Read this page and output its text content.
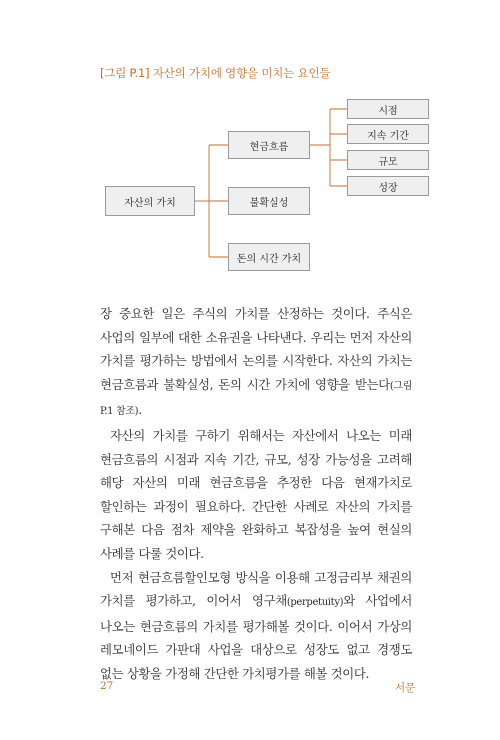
[그림 P.1] 자산의 가치에 영향을 미치는 요인들
자산의 가치
현금흐름
불확실성
돈의 시간 가치
시점
지속 기간
규모
성장

장 중요한 일은 주식의 가치를 산정하는 것이다. 주식은 사업의 일부에 대한 소유권을 나타낸다. 우리는 먼저 자산의 가치를 평가하는 방법에서 논의를 시작한다. 자산의 가치는 현금흐름과 불확실성, 돈의 시간 가치에 영향을 받는다(그림 P.1 참조).

자산의 가치를 구하기 위해서는 자산에서 나오는 미래 현금흐름의 시점과 지속 기간, 규모, 성장 가능성을 고려해 해당 자산의 미래 현금흐름을 추정한 다음 현재가치로 할인하는 과정이 필요하다. 간단한 사례로 자산의 가치를 구해본 다음 점차 제약을 완화하고 복잡성을 높여 현실의 사례를 다룰 것이다.

먼저 현금흐름할인모형 방식을 이용해 고정금리부 채권의 가치를 평가하고, 이어서 영구채(perpetuity)와 사업에서 나오는 현금흐름의 가치를 평가해볼 것이다. 이어서 가상의 레모네이드 가판대 사업을 대상으로 성장도 없고 경쟁도 없는 상황을 가정해 간단한 가치평가를 해볼 것이다.

27	서문
